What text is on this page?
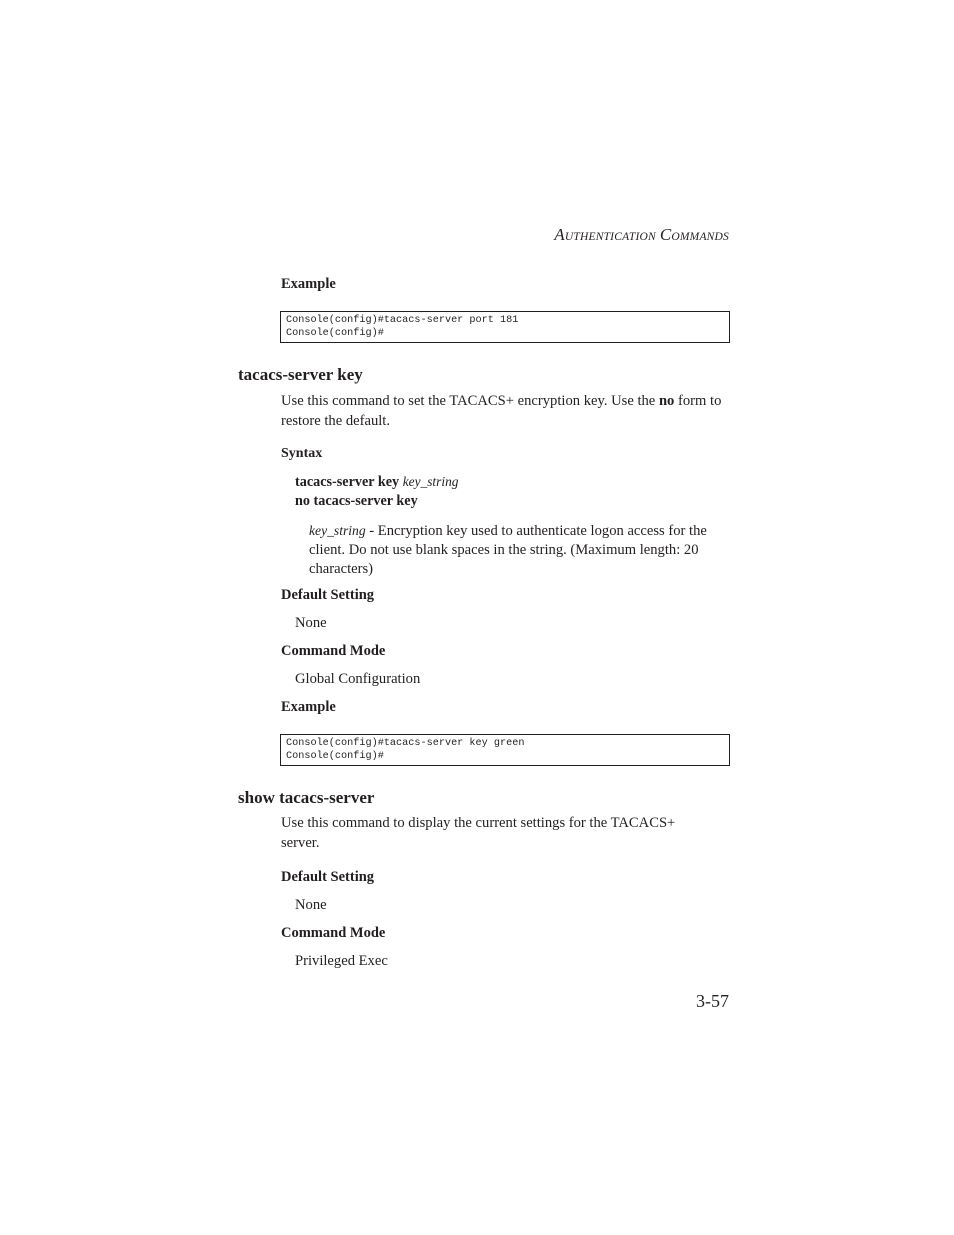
AUTHENTICATION COMMANDS
Example
Console(config)#tacacs-server port 181
Console(config)#
tacacs-server key
Use this command to set the TACACS+ encryption key. Use the no form to restore the default.
Syntax
tacacs-server key key_string
no tacacs-server key
key_string - Encryption key used to authenticate logon access for the client. Do not use blank spaces in the string. (Maximum length: 20 characters)
Default Setting
None
Command Mode
Global Configuration
Example
Console(config)#tacacs-server key green
Console(config)#
show tacacs-server
Use this command to display the current settings for the TACACS+ server.
Default Setting
None
Command Mode
Privileged Exec
3-57
